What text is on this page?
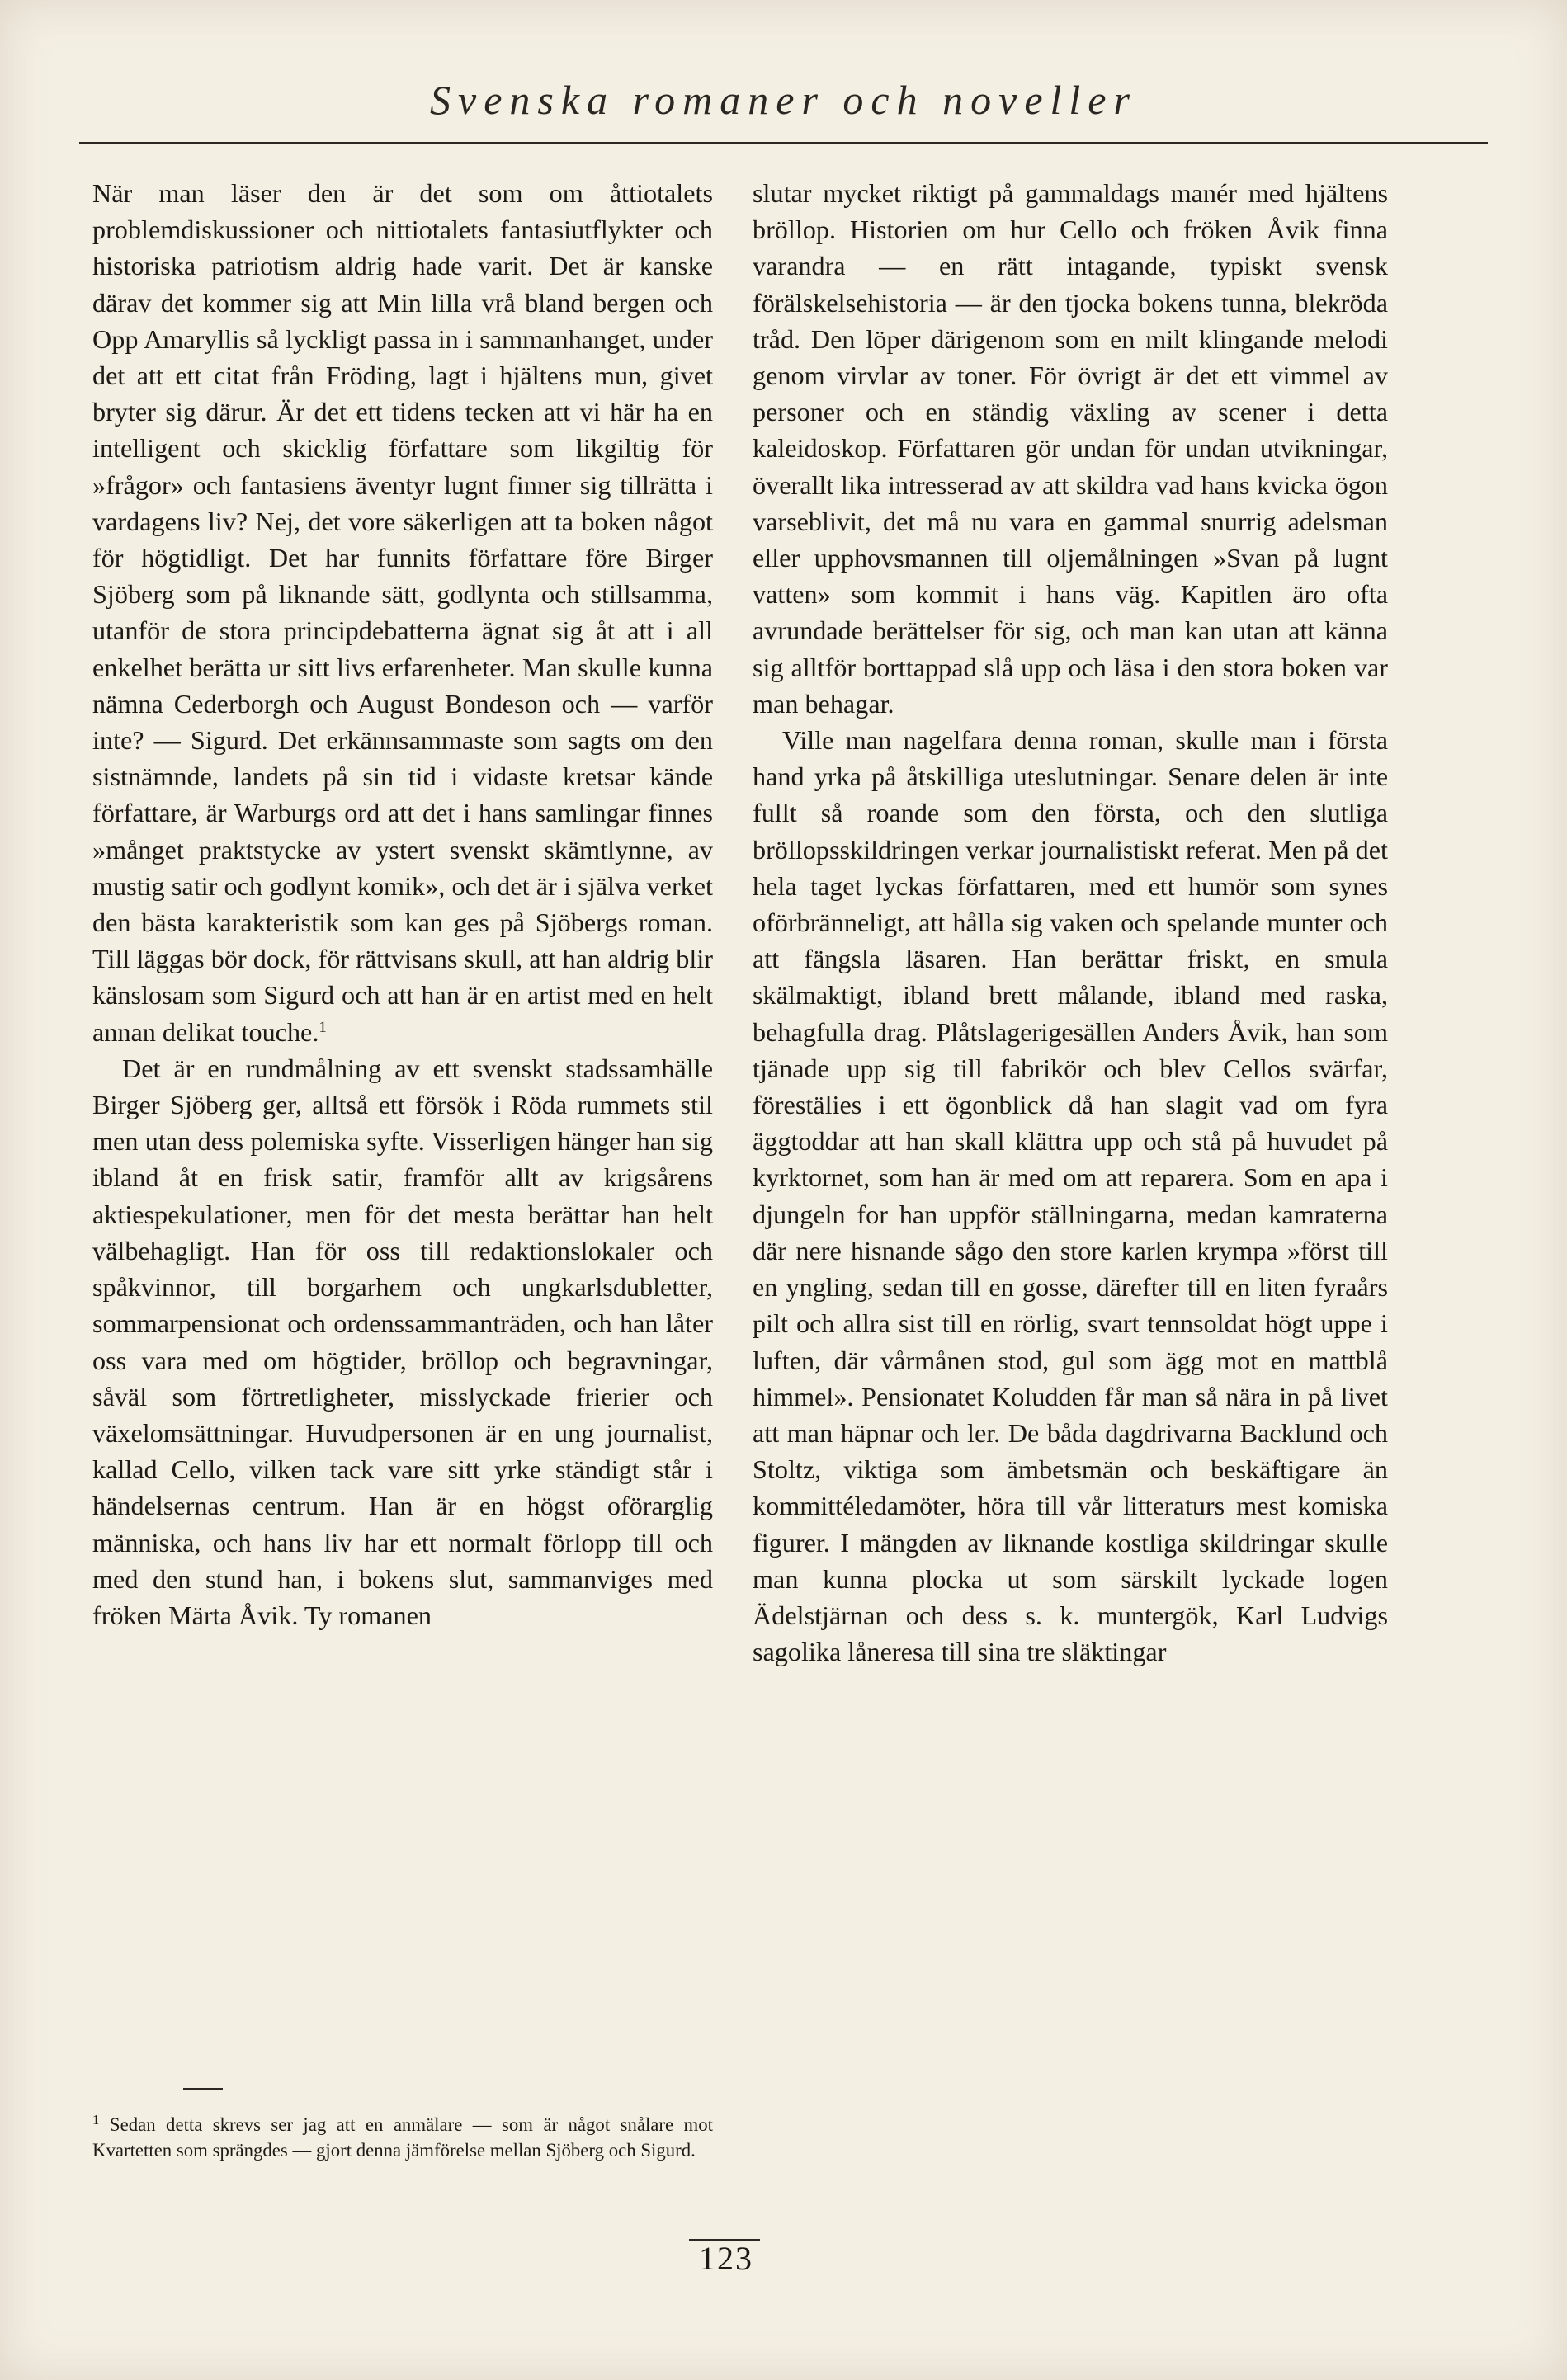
Svenska romaner och noveller

När man läser den är det som om åttiotalets problemdiskussioner och nittiotalets fantasiutflykter och historiska patriotism aldrig hade varit. Det är kanske därav det kommer sig att Min lilla vrå bland bergen och Opp Amaryllis så lyckligt passa in i sammanhanget, under det att ett citat från Fröding, lagt i hjältens mun, givet bryter sig därur. Är det ett tidens tecken att vi här ha en intelligent och skicklig författare som likgiltig för »frågor» och fantasiens äventyr lugnt finner sig tillrätta i vardagens liv? Nej, det vore säkerligen att ta boken något för högtidligt. Det har funnits författare före Birger Sjöberg som på liknande sätt, godlynta och stillsamma, utanför de stora principdebatterna ägnat sig åt att i all enkelhet berätta ur sitt livs erfarenheter. Man skulle kunna nämna Cederborgh och August Bondeson och — varför inte? — Sigurd. Det erkännsammaste som sagts om den sistnämnde, landets på sin tid i vidaste kretsar kände författare, är Warburgs ord att det i hans samlingar finnes »månget praktstycke av ystert svenskt skämtlynne, av mustig satir och godlynt komik», och det är i själva verket den bästa karakteristik som kan ges på Sjöbergs roman. Till läggas bör dock, för rättvisans skull, att han aldrig blir känslosam som Sigurd och att han är en artist med en helt annan delikat touche.$^1$

Det är en rundmålning av ett svenskt stadssamhälle Birger Sjöberg ger, alltså ett försök i Röda rummets stil men utan dess polemiska syfte. Visserligen hänger han sig ibland åt en frisk satir, framför allt av krigsårens aktiespekulationer, men för det mesta berättar han helt välbehagligt. Han för oss till redaktionslokaler och spåkvinnor, till borgarhem och ungkarlsdubletter, sommarpensionat och ordenssammanträden, och han låter oss vara med om högtider, bröllop och begravningar, såväl som förtretligheter, misslyckade frierier och växelomsättningar. Huvudpersonen är en ung journalist, kallad Cello, vilken tack vare sitt yrke ständigt står i händelsernas centrum. Han är en högst oförarglig människa, och hans liv har ett normalt förlopp till och med den stund han, i bokens slut, sammanviges med fröken Märta Åvik. Ty romanen

slutar mycket riktigt på gammaldags manér med hjältens bröllop. Historien om hur Cello och fröken Åvik finna varandra — en rätt intagande, typiskt svensk förälskelsehistoria — är den tjocka bokens tunna, blekröda tråd. Den löper därigenom som en milt klingande melodi genom virvlar av toner. För övrigt är det ett vimmel av personer och en ständig växling av scener i detta kaleidoskop. Författaren gör undan för undan utvikningar, överallt lika intresserad av att skildra vad hans kvicka ögon varseblivit, det må nu vara en gammal snurrig adelsman eller upphovsmannen till oljemålningen »Svan på lugnt vatten» som kommit i hans väg. Kapitlen äro ofta avrundade berättelser för sig, och man kan utan att känna sig alltför borttappad slå upp och läsa i den stora boken var man behagar.

Ville man nagelfara denna roman, skulle man i första hand yrka på åtskilliga uteslutningar. Senare delen är inte fullt så roande som den första, och den slutliga bröllopsskildringen verkar journalistiskt referat. Men på det hela taget lyckas författaren, med ett humör som synes oförbränneligt, att hålla sig vaken och spelande munter och att fängsla läsaren. Han berättar friskt, en smula skälmaktigt, ibland brett målande, ibland med raska, behagfulla drag. Plåtslagerigesällen Anders Åvik, han som tjänade upp sig till fabrikör och blev Cellos svärfar, förestälies i ett ögonblick då han slagit vad om fyra äggtoddar att han skall klättra upp och stå på huvudet på kyrktornet, som han är med om att reparera. Som en apa i djungeln for han uppför ställningarna, medan kamraterna där nere hisnande sågo den store karlen krympa »först till en yngling, sedan till en gosse, därefter till en liten fyraårs pilt och allra sist till en rörlig, svart tennsoldat högt uppe i luften, där vårmånen stod, gul som ägg mot en mattblå himmel». Pensionatet Koludden får man så nära in på livet att man häpnar och ler. De båda dagdrivarna Backlund och Stoltz, viktiga som ämbetsmän och beskäftigare än kommittéledamöter, höra till vår litteraturs mest komiska figurer. I mängden av liknande kostliga skildringar skulle man kunna plocka ut som särskilt lyckade logen Ädelstjärnan och dess s. k. muntergök, Karl Ludvigs sagolika låneresa till sina tre släktingar

$^1$ Sedan detta skrevs ser jag att en anmälare — som är något snålare mot Kvartetten som sprängdes — gjort denna jämförelse mellan Sjöberg och Sigurd.
123
